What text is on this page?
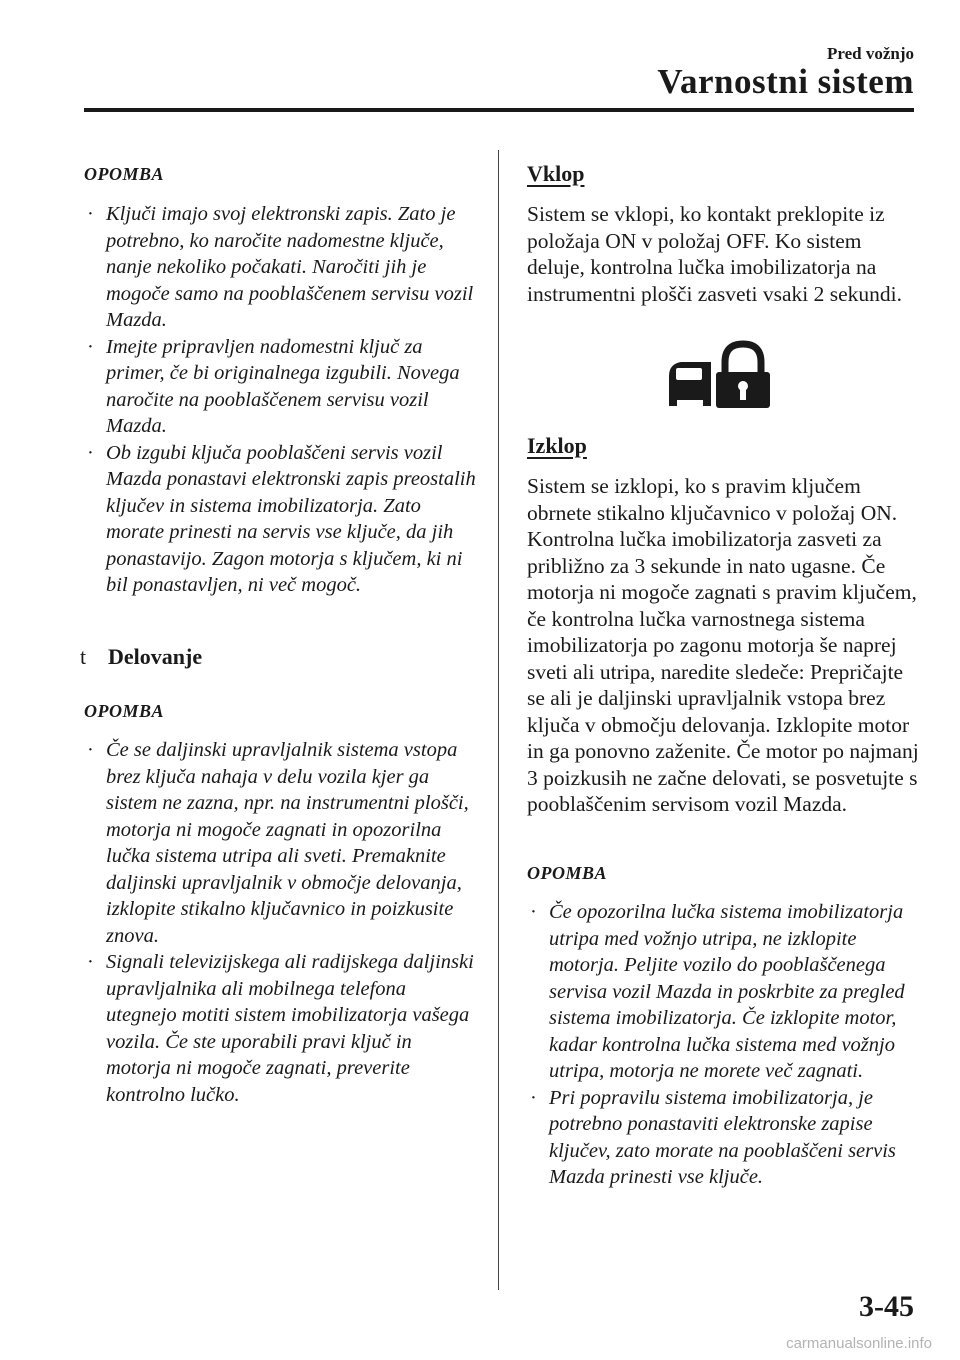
Pred vožnjo
Varnostni sistem
OPOMBA
· Ključi imajo svoj elektronski zapis. Zato je potrebno, ko naročite nadomestne ključe, nanje nekoliko počakati. Naročiti jih je mogoče samo na pooblaščenem servisu vozil Mazda.
· Imejte pripravljen nadomestni ključ za primer, če bi originalnega izgubili. Novega naročite na pooblaščenem servisu vozil Mazda.
· Ob izgubi ključa pooblaščeni servis vozil Mazda ponastavi elektronski zapis preostalih ključev in sistema imobilizatorja. Zato morate prinesti na servis vse ključe, da jih ponastavijo. Zagon motorja s ključem, ki ni bil ponastavljen, ni več mogoč.
t Delovanje
OPOMBA
· Če se daljinski upravljalnik sistema vstopa brez ključa nahaja v delu vozila kjer ga sistem ne zazna, npr. na instrumentni plošči, motorja ni mogoče zagnati in opozorilna lučka sistema utripa ali sveti. Premaknite daljinski upravljalnik v območje delovanja, izklopite stikalno ključavnico in poizkusite znova.
· Signali televizijskega ali radijskega daljinski upravljalnika ali mobilnega telefona utegnejo motiti sistem imobilizatorja vašega vozila. Če ste uporabili pravi ključ in motorja ni mogoče zagnati, preverite kontrolno lučko.
Vklop

Sistem se vklopi, ko kontakt preklopite iz položaja ON v položaj OFF. Ko sistem deluje, kontrolna lučka imobilizatorja na instrumentni plošči zasveti vsaki 2 sekundi.

Izklop

Sistem se izklopi, ko s pravim ključem obrnete stikalno ključavnico v položaj ON. Kontrolna lučka imobilizatorja zasveti za približno za 3 sekunde in nato ugasne. Če motorja ni mogoče zagnati s pravim ključem, če kontrolna lučka varnostnega sistema imobilizatorja po zagonu motorja še naprej sveti ali utripa, naredite sledeče: Prepričajte se ali je daljinski upravljalnik vstopa brez ključa v območju delovanja. Izklopite motor in ga ponovno zaženite. Če motor po najmanj 3 poizkusih ne začne delovati, se posvetujte s pooblaščenim servisom vozil Mazda.

OPOMBA
· Če opozorilna lučka sistema imobilizatorja utripa med vožnjo utripa, ne izklopite motorja. Peljite vozilo do pooblaščenega servisa vozil Mazda in poskrbite za pregled sistema imobilizatorja. Če izklopite motor, kadar kontrolna lučka sistema med vožnjo utripa, motorja ne morete več zagnati.
· Pri popravilu sistema imobilizatorja, je potrebno ponastaviti elektronske zapise ključev, zato morate na pooblaščeni servis Mazda prinesti vse ključe.
3-45
carmanualsonline.info
